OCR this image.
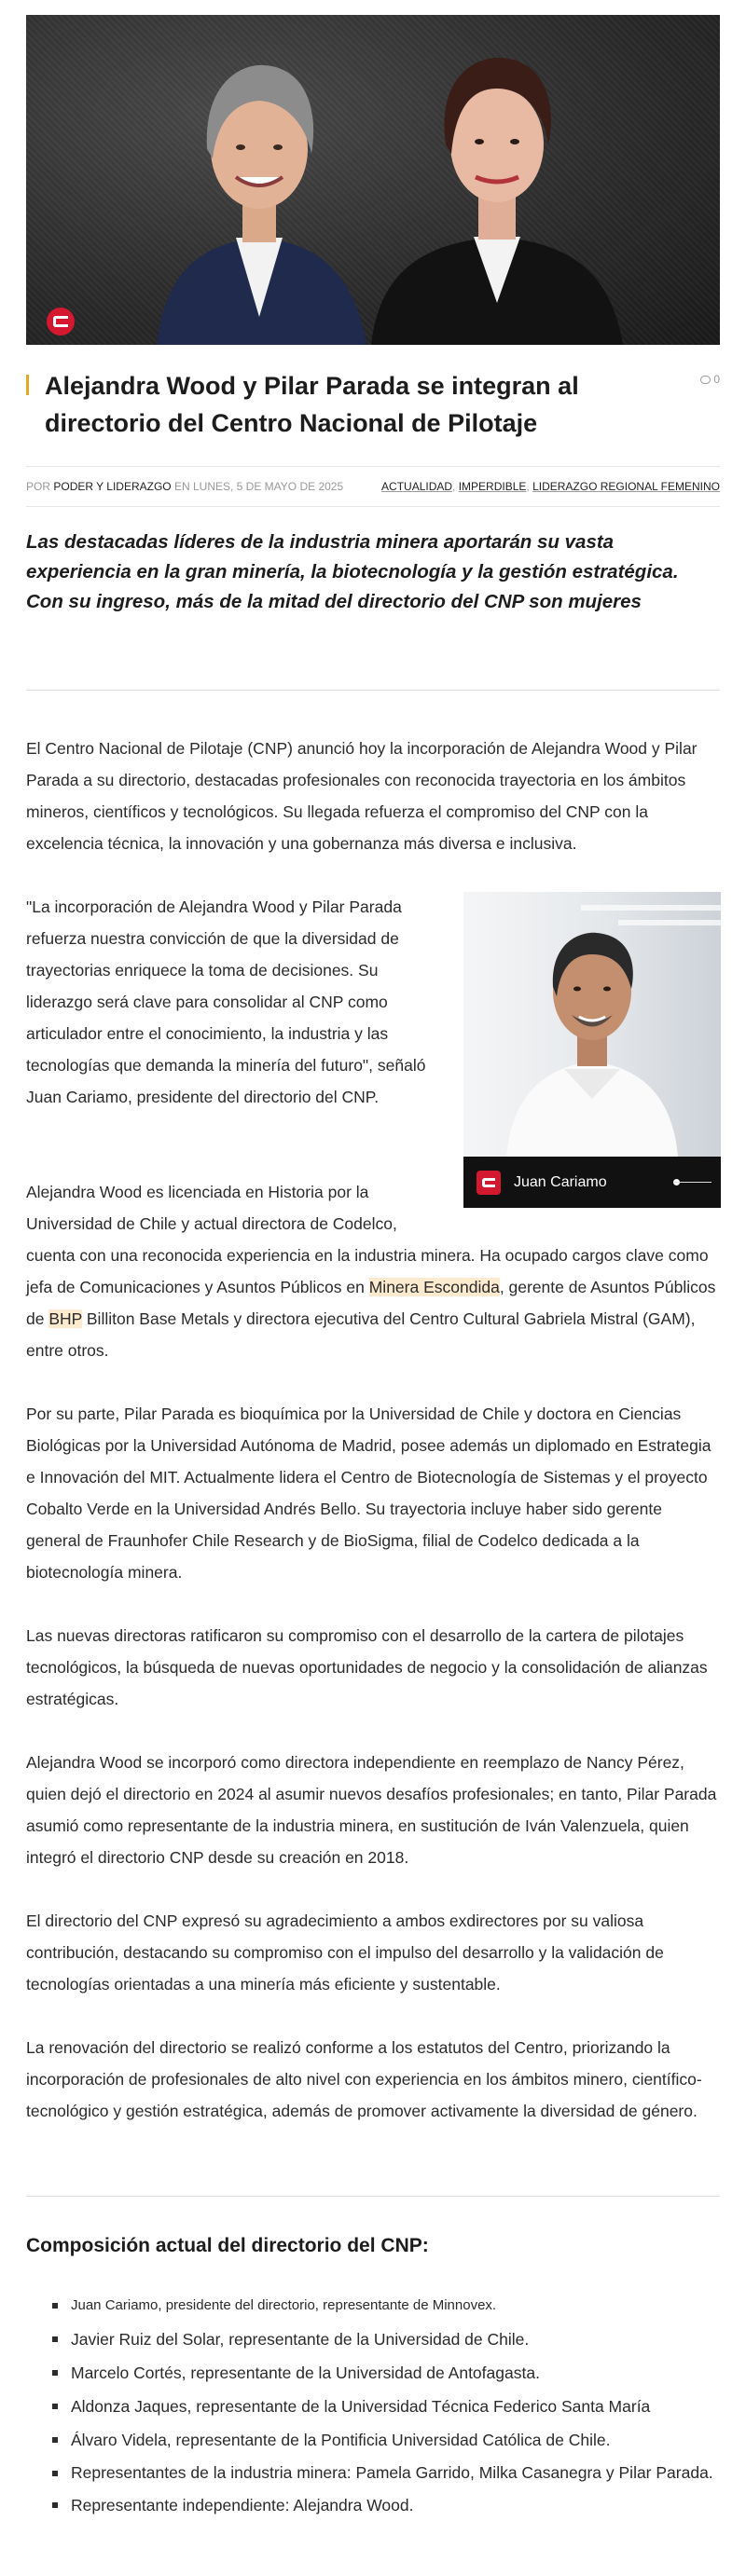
Alejandra Wood y Pilar Parada se integran al directorio del Centro Nacional de Pilotaje
0
POR PODER Y LIDERAZGO EN LUNES, 5 DE MAYO DE 2025	ACTUALIDAD, IMPERDIBLE, LIDERAZGO REGIONAL FEMENINO

Las destacadas líderes de la industria minera aportarán su vasta experiencia en la gran minería, la biotecnología y la gestión estratégica. Con su ingreso, más de la mitad del directorio del CNP son mujeres

El Centro Nacional de Pilotaje (CNP) anunció hoy la incorporación de Alejandra Wood y Pilar Parada a su directorio, destacadas profesionales con reconocida trayectoria en los ámbitos mineros, científicos y tecnológicos. Su llegada refuerza el compromiso del CNP con la excelencia técnica, la innovación y una gobernanza más diversa e inclusiva.

"La incorporación de Alejandra Wood y Pilar Parada refuerza nuestra convicción de que la diversidad de trayectorias enriquece la toma de decisiones. Su liderazgo será clave para consolidar al CNP como articulador entre el conocimiento, la industria y las tecnologías que demanda la minería del futuro", señaló Juan Cariamo, presidente del directorio del CNP.

Juan Cariamo
Alejandra Wood es licenciada en Historia por la
Universidad de Chile y actual directora de Codelco,

cuenta con una reconocida experiencia en la industria minera. Ha ocupado cargos clave como jefa de Comunicaciones y Asuntos Públicos en Minera Escondida, gerente de Asuntos Públicos de BHP Billiton Base Metals y directora ejecutiva del Centro Cultural Gabriela Mistral (GAM), entre otros.

Por su parte, Pilar Parada es bioquímica por la Universidad de Chile y doctora en Ciencias Biológicas por la Universidad Autónoma de Madrid, posee además un diplomado en Estrategia e Innovación del MIT. Actualmente lidera el Centro de Biotecnología de Sistemas y el proyecto Cobalto Verde en la Universidad Andrés Bello. Su trayectoria incluye haber sido gerente general de Fraunhofer Chile Research y de BioSigma, filial de Codelco dedicada a la biotecnología minera.

Las nuevas directoras ratificaron su compromiso con el desarrollo de la cartera de pilotajes tecnológicos, la búsqueda de nuevas oportunidades de negocio y la consolidación de alianzas estratégicas.

Alejandra Wood se incorporó como directora independiente en reemplazo de Nancy Pérez, quien dejó el directorio en 2024 al asumir nuevos desafíos profesionales; en tanto, Pilar Parada asumió como representante de la industria minera, en sustitución de Iván Valenzuela, quien integró el directorio CNP desde su creación en 2018.

El directorio del CNP expresó su agradecimiento a ambos exdirectores por su valiosa contribución, destacando su compromiso con el impulso del desarrollo y la validación de tecnologías orientadas a una minería más eficiente y sustentable.

La renovación del directorio se realizó conforme a los estatutos del Centro, priorizando la incorporación de profesionales de alto nivel con experiencia en los ámbitos minero, científico-tecnológico y gestión estratégica, además de promover activamente la diversidad de género.

Composición actual del directorio del CNP:
Juan Cariamo, presidente del directorio, representante de Minnovex.
Javier Ruiz del Solar, representante de la Universidad de Chile.
Marcelo Cortés, representante de la Universidad de Antofagasta.
Aldonza Jaques, representante de la Universidad Técnica Federico Santa María
Álvaro Videla, representante de la Pontificia Universidad Católica de Chile.
Representantes de la industria minera: Pamela Garrido, Milka Casanegra y Pilar Parada.
Representante independiente: Alejandra Wood.
